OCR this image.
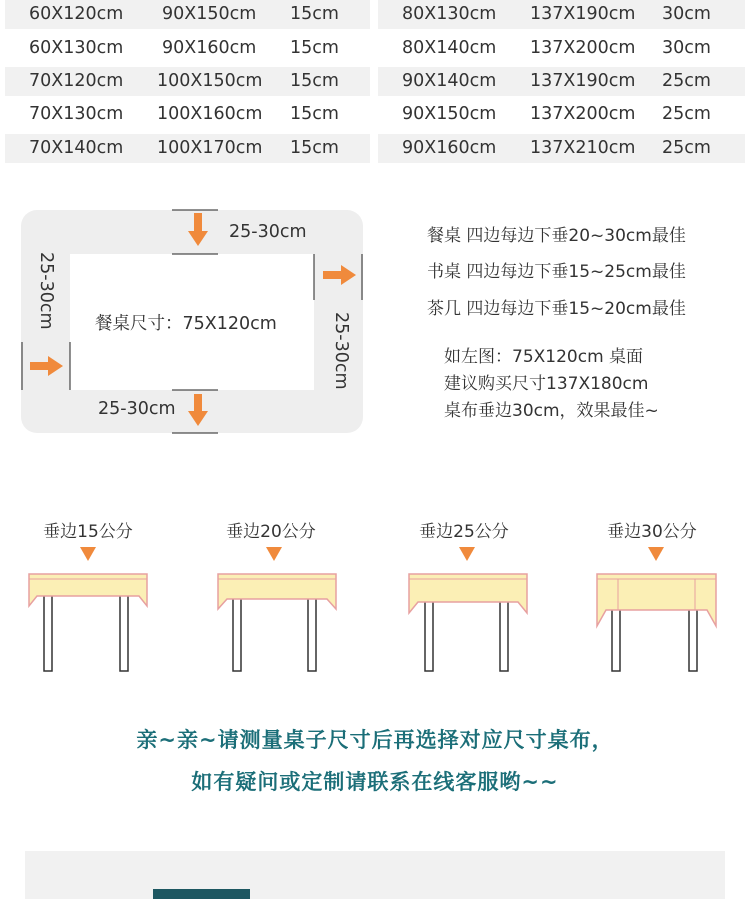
60X120cm 90X150cm 15cm
60X130cm 90X160cm 15cm
70X120cm 100X150cm 15cm
70X130cm 100X160cm 15cm
70X140cm 100X170cm 15cm
80X130cm 137X190cm 30cm
80X140cm 137X200cm 30cm
90X140cm 137X190cm 25cm
90X150cm 137X200cm 25cm
90X160cm 137X210cm 25cm
25-30cm
25-30cm
25-30cm
25-30cm
餐桌尺寸：75X120cm
餐桌 四边每边下垂20~30cm最佳
书桌 四边每边下垂15~25cm最佳
茶几 四边每边下垂15~20cm最佳
如左图：75X120cm 桌面
建议购买尺寸137X180cm
桌布垂边30cm，效果最佳~
垂边15公分	垂边20公分	垂边25公分	垂边30公分
亲~亲~请测量桌子尺寸后再选择对应尺寸桌布，
如有疑问或定制请联系在线客服哟~~
